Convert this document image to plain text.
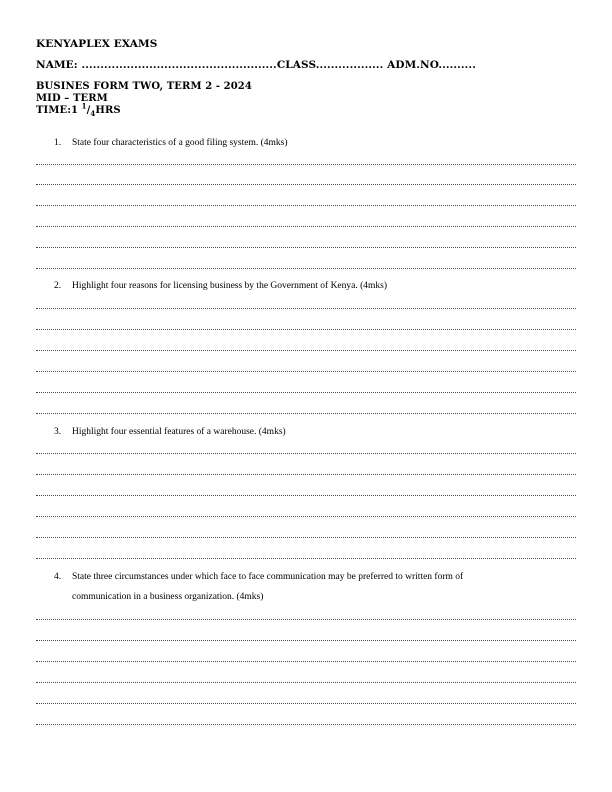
KENYAPLEX EXAMS
NAME: ....................................................CLASS.................. ADM.NO..........
BUSINES FORM TWO, TERM 2 - 2024
MID – TERM
TIME:1 $^1/_4HRS$
1. State four characteristics of a good filing system. (4mks)
2. Highlight four reasons for licensing business by the Government of Kenya. (4mks)
3. Highlight four essential features of a warehouse. (4mks)
4. State three circumstances under which face to face communication may be preferred to written form of
communication in a business organization. (4mks)
